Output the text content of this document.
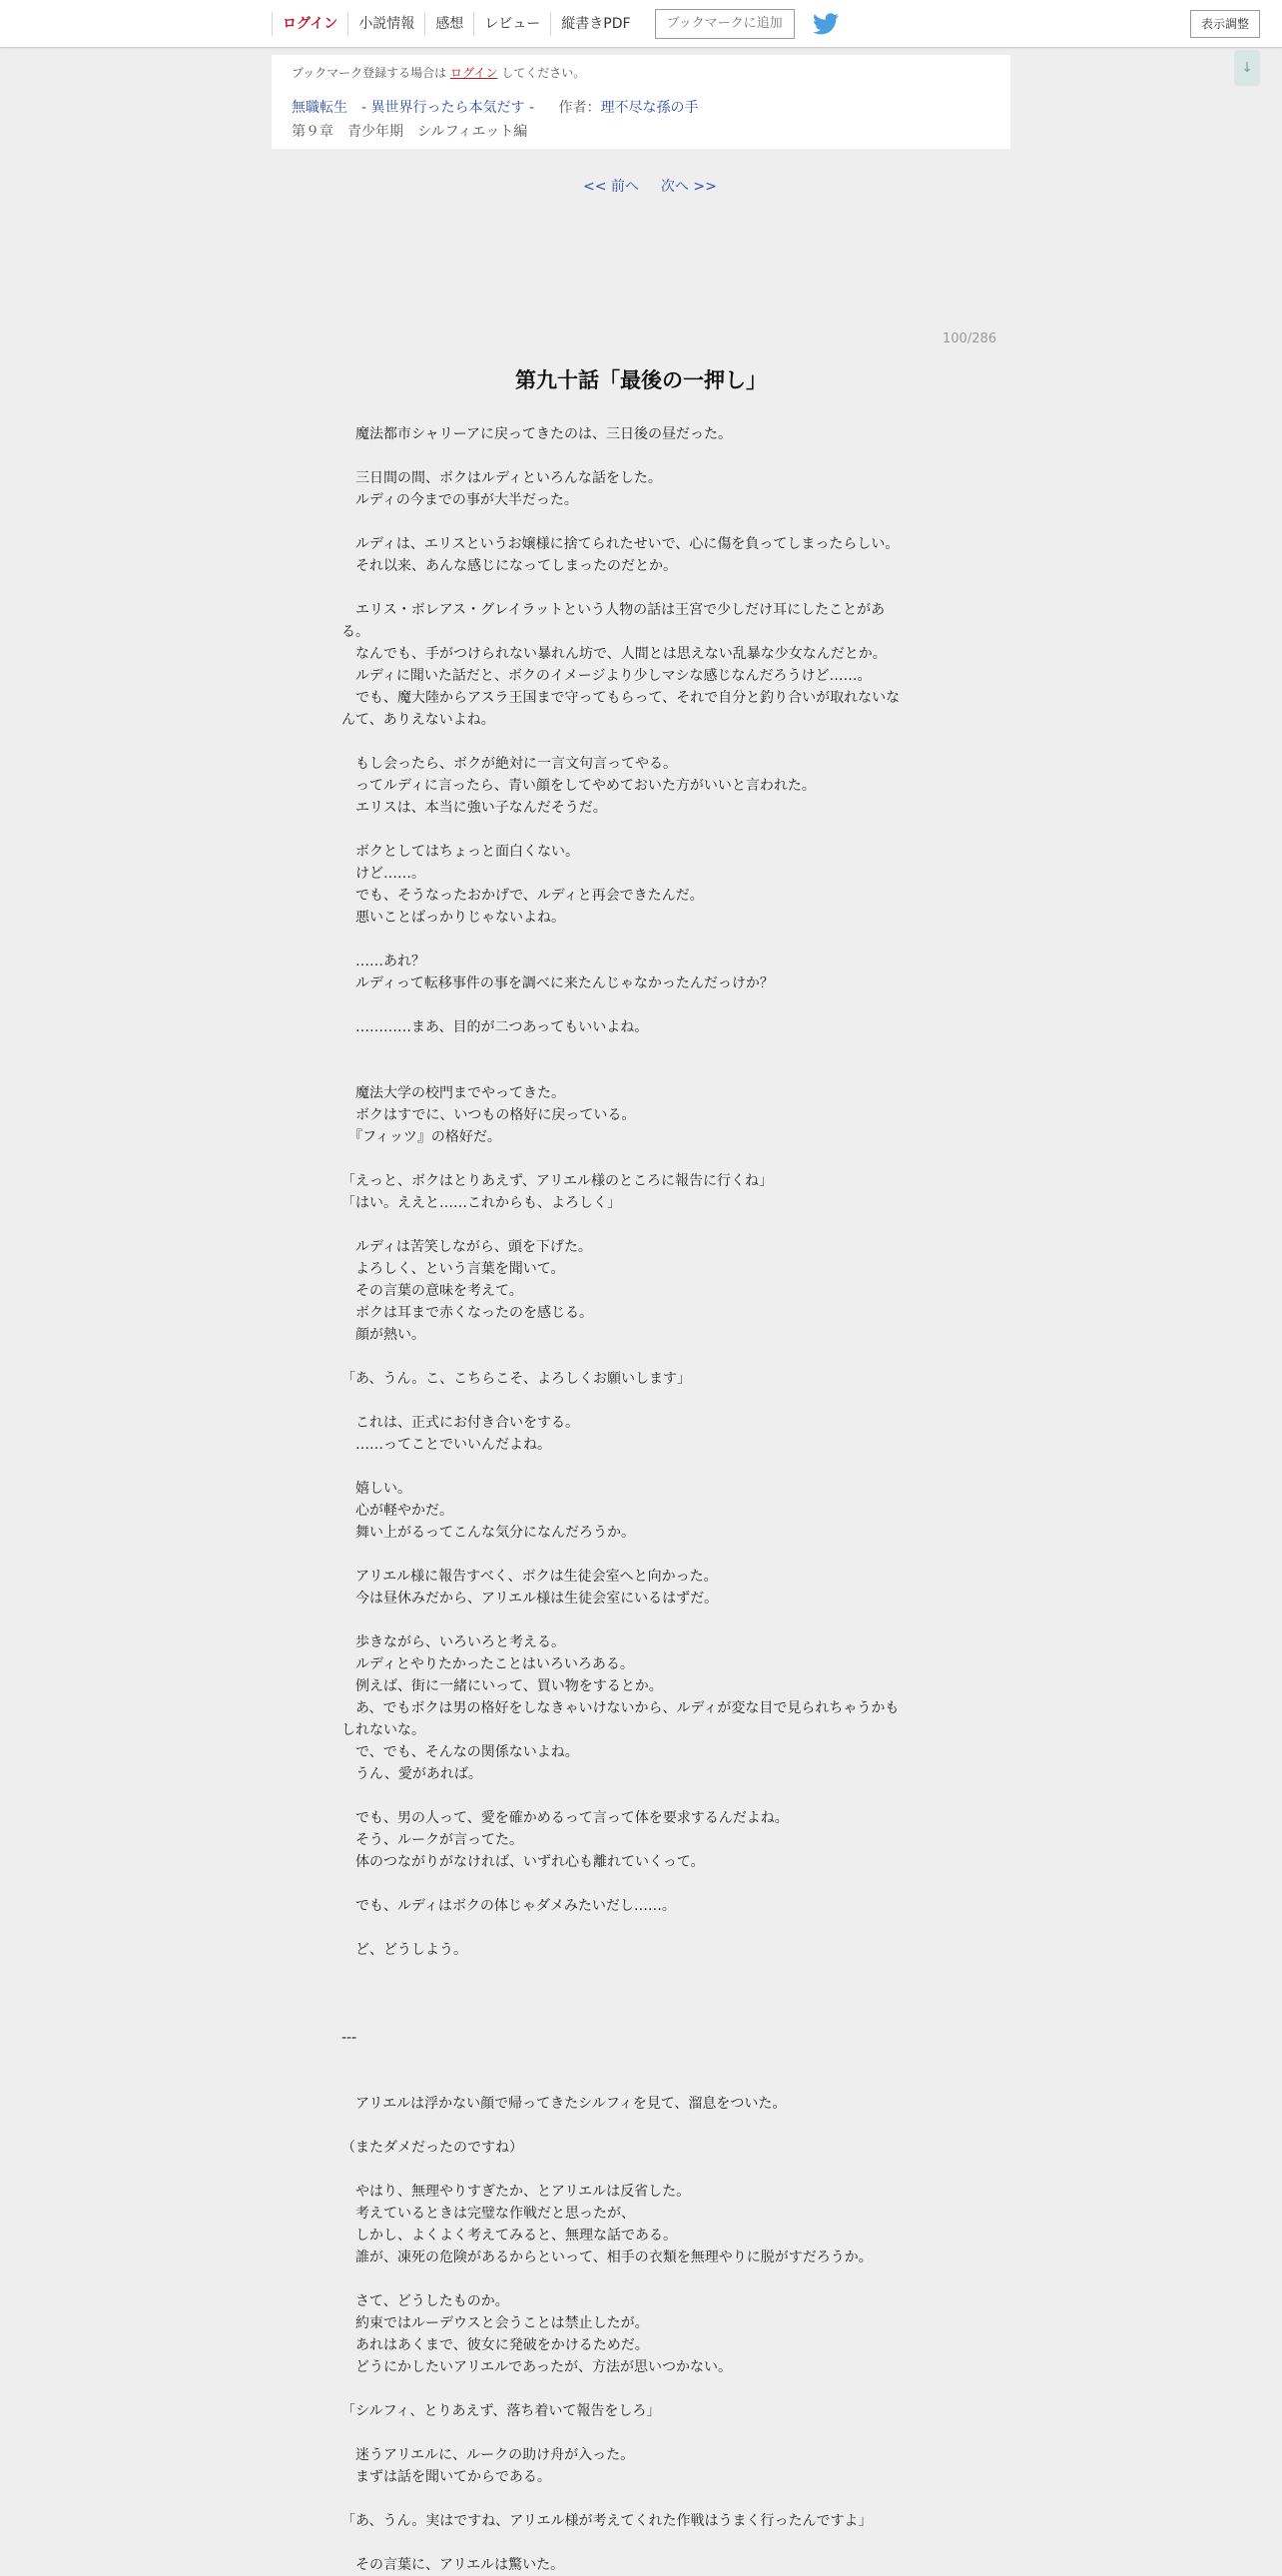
ログイン	小説情報	感想	レビュー	縦書きPDF	ブックマークに追加	表示調整
↓
ブックマーク登録する場合は ログイン してください。
無職転生　- 異世界行ったら本気だす - 作者：理不尽な孫の手
第９章　青少年期　シルフィエット編
<< 前へ 次へ >>
100/286
第九十話「最後の一押し」

　魔法都市シャリーアに戻ってきたのは、三日後の昼だった。

　三日間の間、ボクはルディといろんな話をした。

　ルディの今までの事が大半だった。

　ルディは、エリスというお嬢様に捨てられたせいで、心に傷を負ってしまったらしい。

　それ以来、あんな感じになってしまったのだとか。

　エリス・ボレアス・グレイラットという人物の話は王宮で少しだけ耳にしたことがあ

る。

　なんでも、手がつけられない暴れん坊で、人間とは思えない乱暴な少女なんだとか。

　ルディに聞いた話だと、ボクのイメージより少しマシな感じなんだろうけど……。

　でも、魔大陸からアスラ王国まで守ってもらって、それで自分と釣り合いが取れないな

んて、ありえないよね。

　もし会ったら、ボクが絶対に一言文句言ってやる。

　ってルディに言ったら、青い顔をしてやめておいた方がいいと言われた。

　エリスは、本当に強い子なんだそうだ。

　ボクとしてはちょっと面白くない。

　けど……。

　でも、そうなったおかげで、ルディと再会できたんだ。

　悪いことばっかりじゃないよね。

　……あれ？

　ルディって転移事件の事を調べに来たんじゃなかったんだっけか？

　…………まあ、目的が二つあってもいいよね。

　魔法大学の校門までやってきた。

　ボクはすでに、いつもの格好に戻っている。

　『フィッツ』の格好だ。

「えっと、ボクはとりあえず、アリエル様のところに報告に行くね」

「はい。ええと……これからも、よろしく」

　ルディは苦笑しながら、頭を下げた。

　よろしく、という言葉を聞いて。

　その言葉の意味を考えて。

　ボクは耳まで赤くなったのを感じる。

　顔が熱い。

「あ、うん。こ、こちらこそ、よろしくお願いします」

　これは、正式にお付き合いをする。

　……ってことでいいんだよね。

　嬉しい。

　心が軽やかだ。

　舞い上がるってこんな気分になんだろうか。

　アリエル様に報告すべく、ボクは生徒会室へと向かった。

　今は昼休みだから、アリエル様は生徒会室にいるはずだ。

　歩きながら、いろいろと考える。

　ルディとやりたかったことはいろいろある。

　例えば、街に一緒にいって、買い物をするとか。

　あ、でもボクは男の格好をしなきゃいけないから、ルディが変な目で見られちゃうかも

しれないな。

　で、でも、そんなの関係ないよね。

　うん、愛があれば。

　でも、男の人って、愛を確かめるって言って体を要求するんだよね。

　そう、ルークが言ってた。

　体のつながりがなければ、いずれ心も離れていくって。

　でも、ルディはボクの体じゃダメみたいだし……。

　ど、どうしよう。

---

　アリエルは浮かない顔で帰ってきたシルフィを見て、溜息をついた。

（またダメだったのですね）

　やはり、無理やりすぎたか、とアリエルは反省した。

　考えているときは完璧な作戦だと思ったが、

　しかし、よくよく考えてみると、無理な話である。

　誰が、凍死の危険があるからといって、相手の衣類を無理やりに脱がすだろうか。

　さて、どうしたものか。

　約束ではルーデウスと会うことは禁止したが。

　あれはあくまで、彼女に発破をかけるためだ。

　どうにかしたいアリエルであったが、方法が思いつかない。

「シルフィ、とりあえず、落ち着いて報告をしろ」

　迷うアリエルに、ルークの助け舟が入った。

　まずは話を聞いてからである。

「あ、うん。実はですね、アリエル様が考えてくれた作戦はうまく行ったんですよ」

　その言葉に、アリエルは驚いた。
